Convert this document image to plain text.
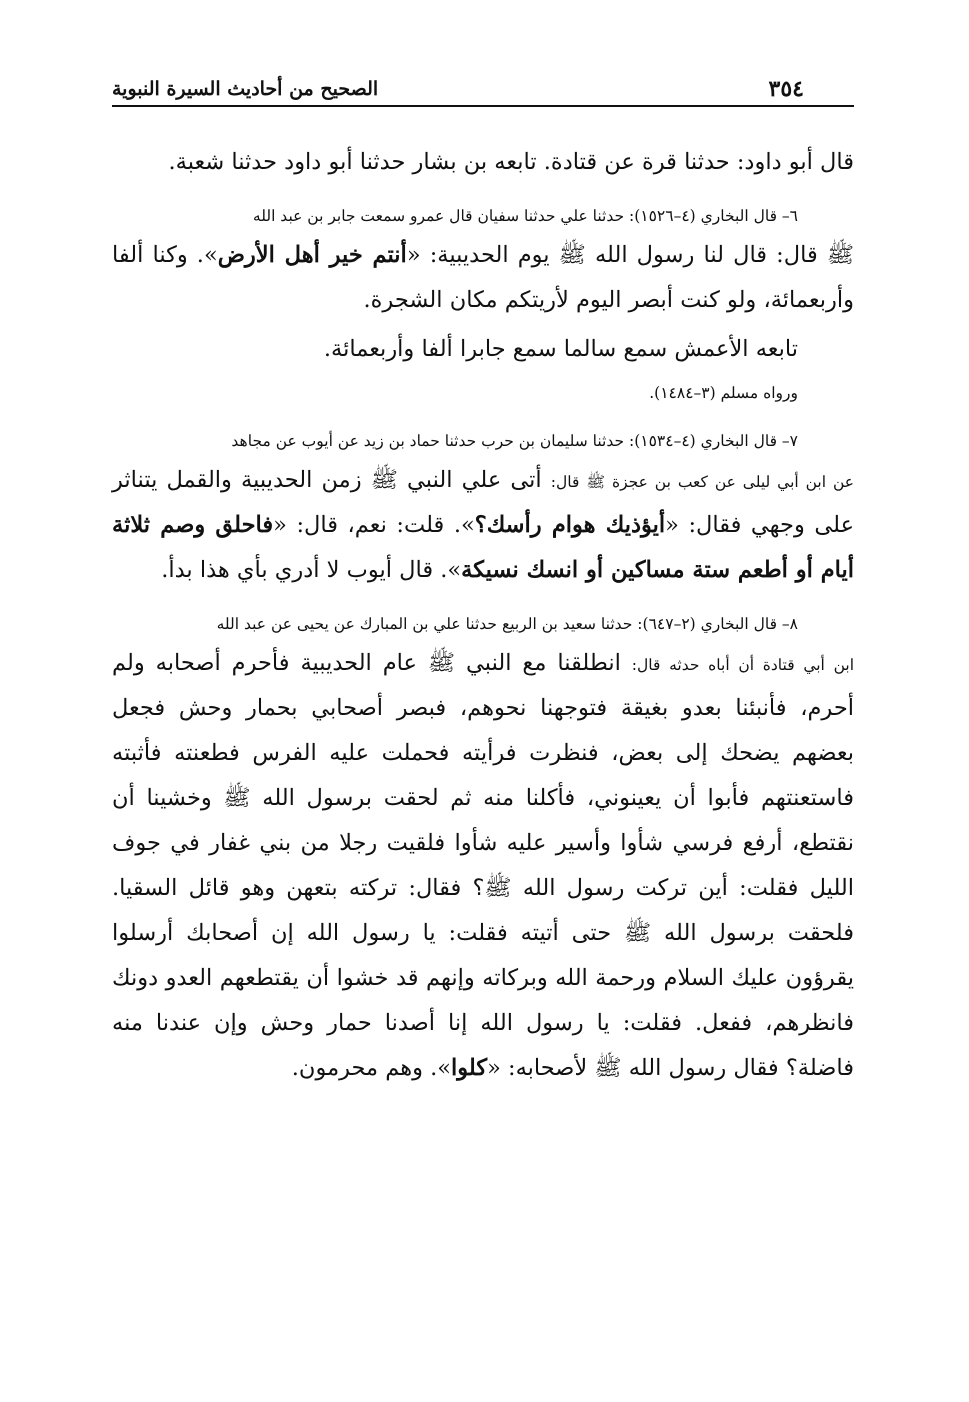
الصحيح من أحاديث السيرة النبوية	٣٥٤

قال أبو داود: حدثنا قرة عن قتادة. تابعه بن بشار حدثنا أبو داود حدثنا شعبة.

٦– قال البخاري (٤–١٥٢٦): حدثنا علي حدثنا سفيان قال عمرو سمعت جابر بن عبد الله

ﷺ قال: قال لنا رسول الله ﷺ يوم الحديبية: «أنتم خير أهل الأرض». وكنا ألفا وأربعمائة، ولو كنت أبصر اليوم لأريتكم مكان الشجرة.

تابعه الأعمش سمع سالما سمع جابرا ألفا وأربعمائة.

ورواه مسلم (٣–١٤٨٤).

٧– قال البخاري (٤–١٥٣٤): حدثنا سليمان بن حرب حدثنا حماد بن زيد عن أيوب عن مجاهد

عن ابن أبي ليلى عن كعب بن عجزة ﷺ قال: أتى علي النبي ﷺ زمن الحديبية والقمل يتناثر على وجهي فقال: «أيؤذيك هوام رأسك؟». قلت: نعم، قال: «فاحلق وصم ثلاثة أيام أو أطعم ستة مساكين أو انسك نسيكة». قال أيوب لا أدري بأي هذا بدأ.

٨– قال البخاري (٢–٦٤٧): حدثنا سعيد بن الربيع حدثنا علي بن المبارك عن يحيى عن عبد الله

ابن أبي قتادة أن أباه حدثه قال: انطلقنا مع النبي ﷺ عام الحديبية فأحرم أصحابه ولم أحرم، فأنبئنا بعدو بغيقة فتوجهنا نحوهم، فبصر أصحابي بحمار وحش فجعل بعضهم يضحك إلى بعض، فنظرت فرأيته فحملت عليه الفرس فطعنته فأثبته فاستعنتهم فأبوا أن يعينوني، فأكلنا منه ثم لحقت برسول الله ﷺ وخشينا أن نقتطع، أرفع فرسي شأوا وأسير عليه شأوا فلقيت رجلا من بني غفار في جوف الليل فقلت: أين تركت رسول الله ﷺ؟ فقال: تركته بتعهن وهو قائل السقيا. فلحقت برسول الله ﷺ حتى أتيته فقلت: يا رسول الله إن أصحابك أرسلوا يقرؤون عليك السلام ورحمة الله وبركاته وإنهم قد خشوا أن يقتطعهم العدو دونك فانظرهم، ففعل. فقلت: يا رسول الله إنا أصدنا حمار وحش وإن عندنا منه فاضلة؟ فقال رسول الله ﷺ لأصحابه: «كلوا». وهم محرمون.
